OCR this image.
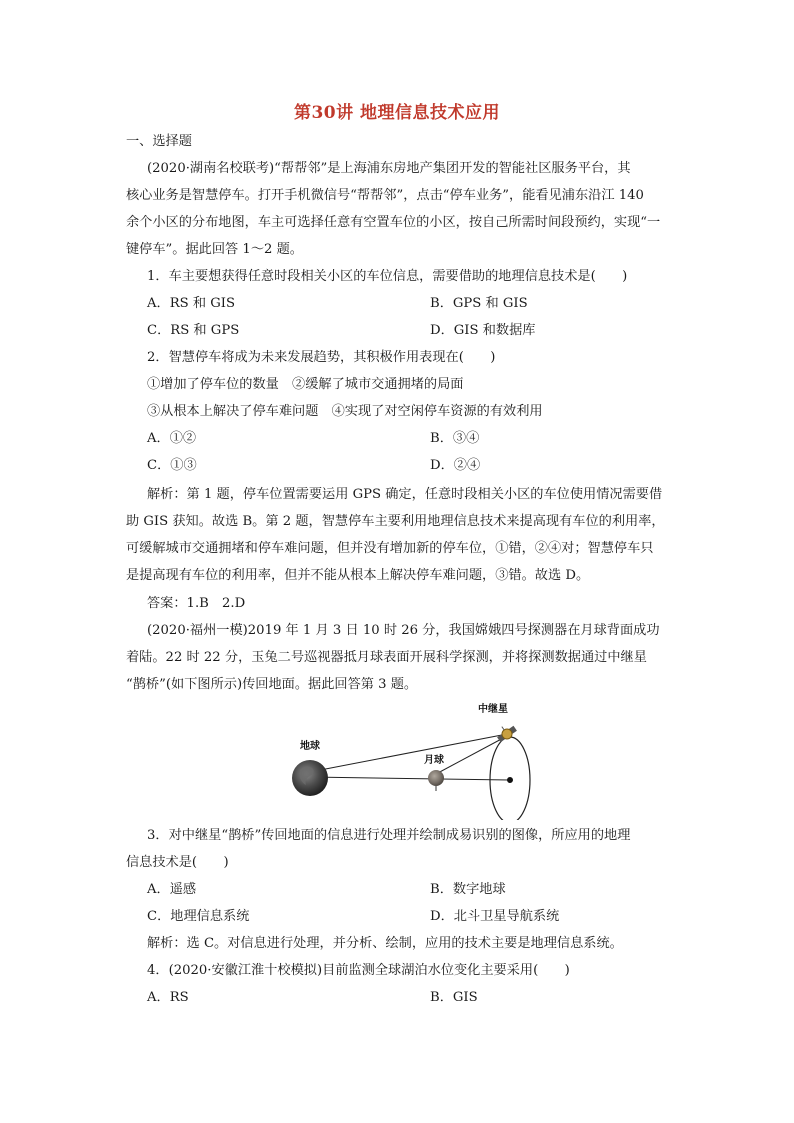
第30讲 地理信息技术应用
一、选择题
(2020·湖南名校联考)“帮帮邻”是上海浦东房地产集团开发的智能社区服务平台，其
核心业务是智慧停车。打开手机微信号“帮帮邻”，点击“停车业务”，能看见浦东沿江 140
余个小区的分布地图，车主可选择任意有空置车位的小区，按自己所需时间段预约，实现“一
键停车”。据此回答 1～2 题。
1．车主要想获得任意时段相关小区的车位信息，需要借助的地理信息技术是(　　)
A．RS 和 GIS	B．GPS 和 GIS
C．RS 和 GPS	D．GIS 和数据库
2．智慧停车将成为未来发展趋势，其积极作用表现在(　　)
①增加了停车位的数量　②缓解了城市交通拥堵的局面
③从根本上解决了停车难问题　④实现了对空闲停车资源的有效利用
A．①②	B．③④
C．①③	D．②④
解析：第 1 题，停车位置需要运用 GPS 确定，任意时段相关小区的车位使用情况需要借
助 GIS 获知。故选 B。第 2 题，智慧停车主要利用地理信息技术来提高现有车位的利用率，
可缓解城市交通拥堵和停车难问题，但并没有增加新的停车位，①错，②④对；智慧停车只
是提高现有车位的利用率，但并不能从根本上解决停车难问题，③错。故选 D。
答案：1.B　2.D
(2020·福州一模)2019 年 1 月 3 日 10 时 26 分，我国嫦娥四号探测器在月球背面成功
着陆。22 时 22 分，玉兔二号巡视器抵月球表面开展科学探测，并将探测数据通过中继星
“鹊桥”(如下图所示)传回地面。据此回答第 3 题。
地球
月球
中继星
3．对中继星“鹊桥”传回地面的信息进行处理并绘制成易识别的图像，所应用的地理
信息技术是(　　)
A．遥感	B．数字地球
C．地理信息系统	D．北斗卫星导航系统
解析：选 C。对信息进行处理，并分析、绘制，应用的技术主要是地理信息系统。
4．(2020·安徽江淮十校模拟)目前监测全球湖泊水位变化主要采用(　　)
A．RS	B．GIS
